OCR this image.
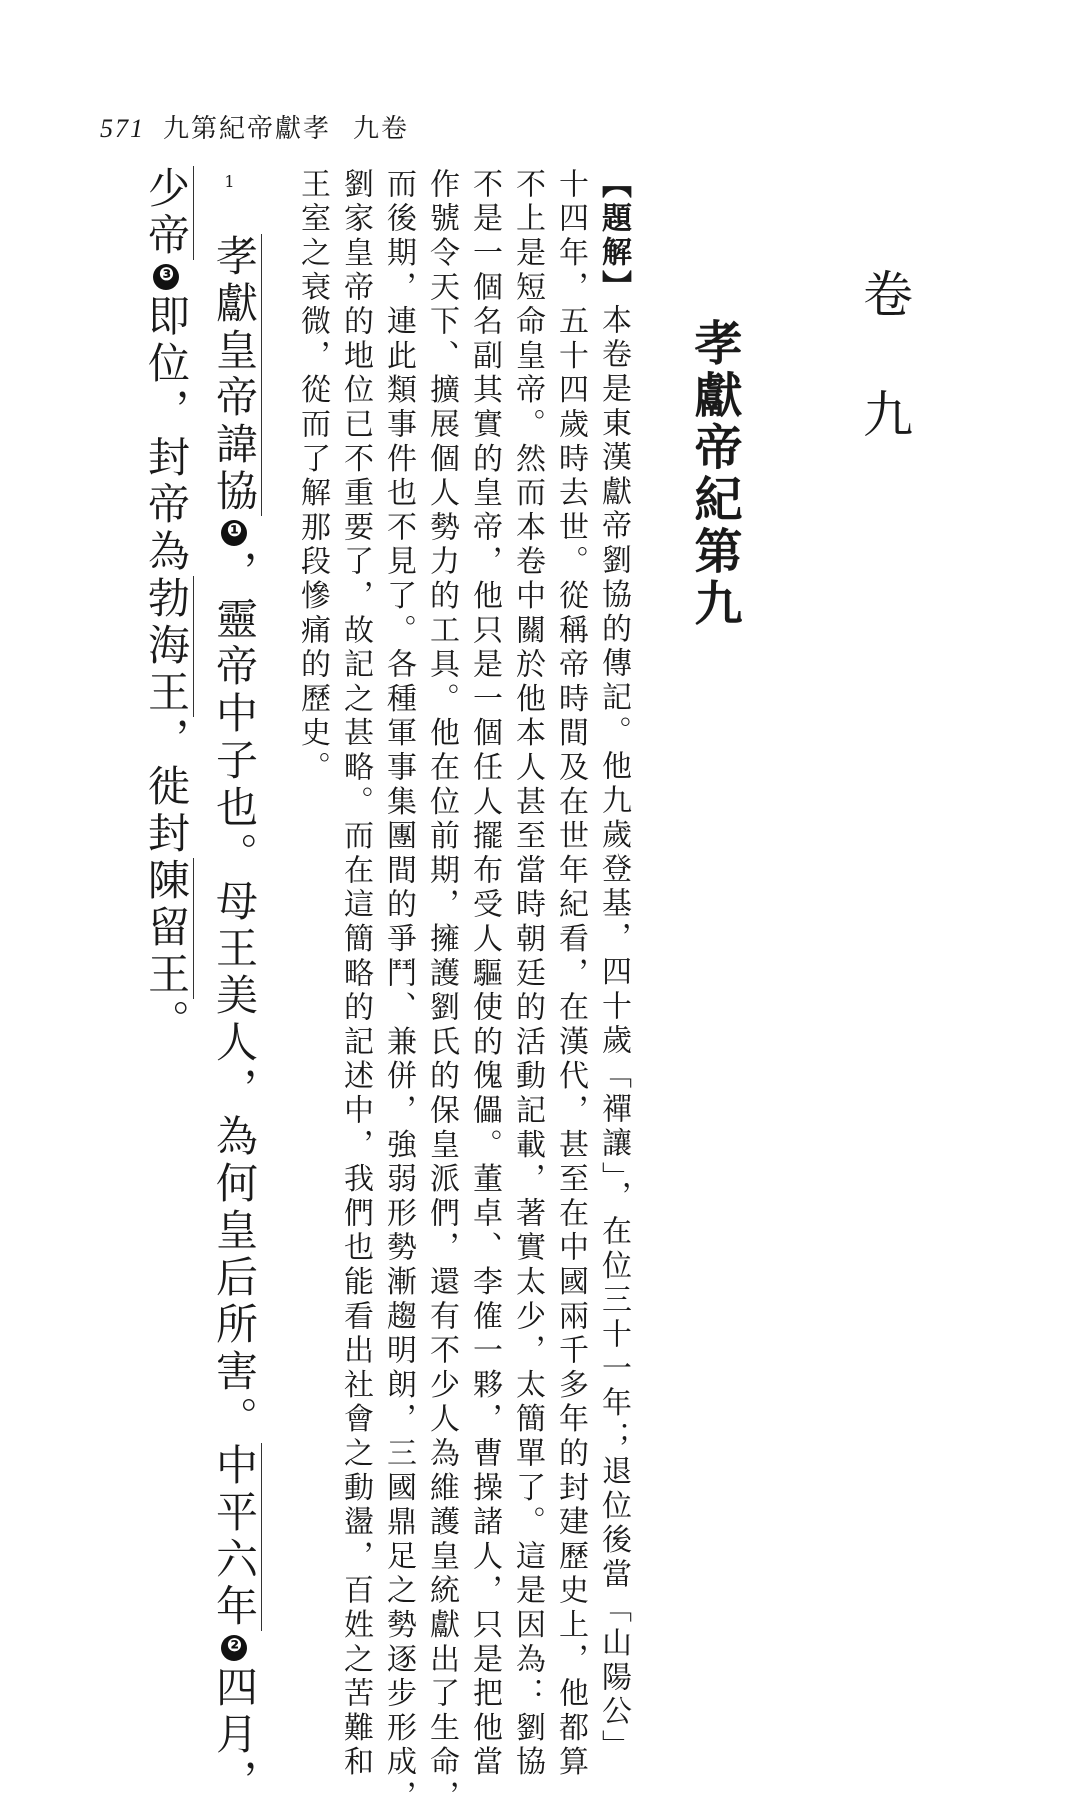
571 九第紀帝獻孝 九卷
卷九
孝獻帝紀第九
【題解】本卷是東漢獻帝劉協的傳記。他九歲登基，四十歲「禪讓」，在位三十一年；退位後當「山陽公」
十四年，五十四歲時去世。從稱帝時間及在世年紀看，在漢代，甚至在中國兩千多年的封建歷史上，他都算
不上是短命皇帝。然而本卷中關於他本人甚至當時朝廷的活動記載，著實太少，太簡單了。這是因為：劉協
不是一個名副其實的皇帝，他只是一個任人擺布受人驅使的傀儡。董卓、李傕一夥，曹操諸人，只是把他當
作號令天下、擴展個人勢力的工具。他在位前期，擁護劉氏的保皇派們，還有不少人為維護皇統獻出了生命，
而後期，連此類事件也不見了。各種軍事集團間的爭鬥、兼併，強弱形勢漸趨明朗，三國鼎足之勢逐步形成，
劉家皇帝的地位已不重要了，故記之甚略。而在這簡略的記述中，我們也能看出社會之動盪，百姓之苦難和
王室之衰微，從而了解那段慘痛的歷史。
1
孝獻皇帝諱協❶，靈帝中子也。母王美人，為何皇后所害。中平六年❷四月，
少帝❸即位，封帝為勃海王，徙封陳留王。
